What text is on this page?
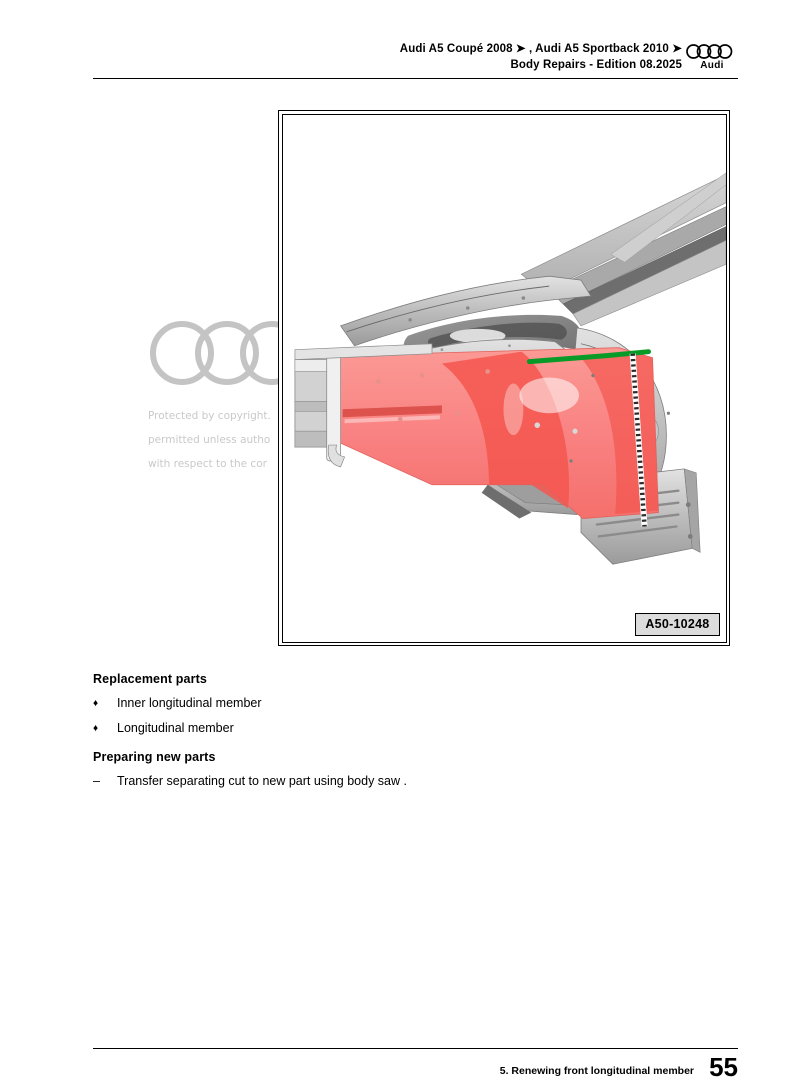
Audi A5 Coupé 2008 ➤ , Audi A5 Sportback 2010 ➤
Body Repairs - Edition 08.2025	Audi
Protected by copyright.
permitted unless autho
with respect to the cor
A50-10248
Replacement parts
♦	Inner longitudinal member
♦	Longitudinal member
Preparing new parts
–	Transfer separating cut to new part using body saw .
5. Renewing front longitudinal member 55
